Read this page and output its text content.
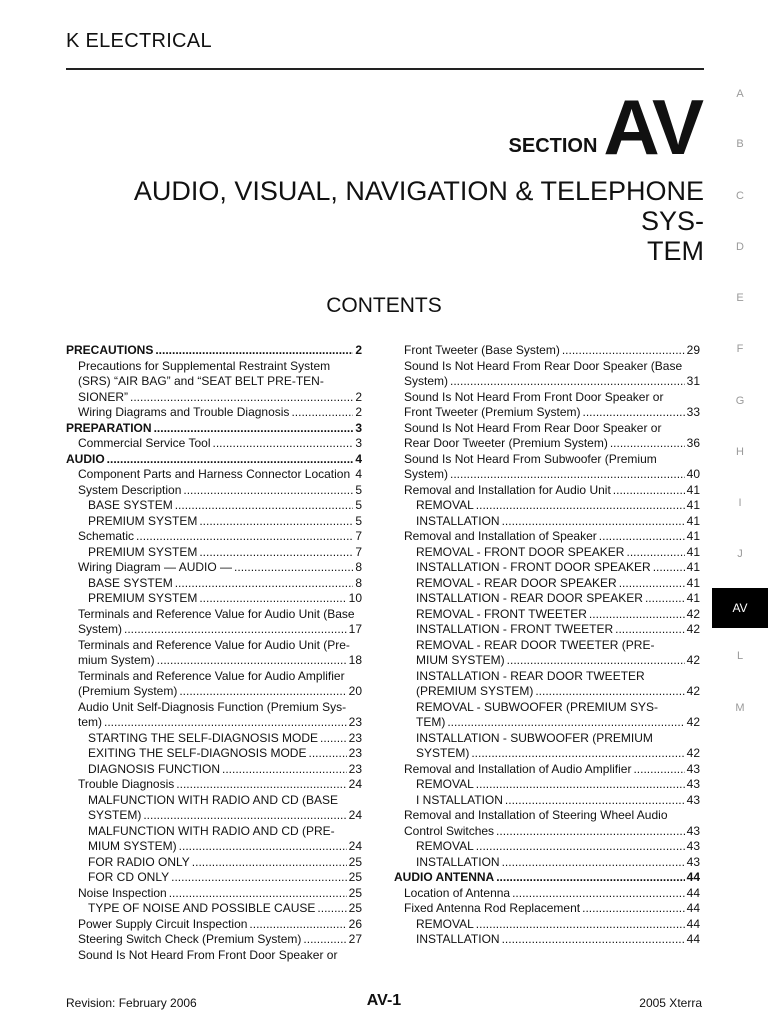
K ELECTRICAL
SECTION AV
AUDIO, VISUAL, NAVIGATION & TELEPHONE SYS-
TEM
CONTENTS
A
B
C
D
E
F
G
H
I
J
AV
L
M
PRECAUTIONS .....	2
Precautions for Supplemental Restraint System
(SRS) “AIR BAG” and “SEAT BELT PRE-TEN-
SIONER” .....	2
Wiring Diagrams and Trouble Diagnosis .....	2
PREPARATION .....	3
Commercial Service Tool .....	3
AUDIO .....	4
Component Parts and Harness Connector Location ..... 4
System Description .....	5
BASE SYSTEM .....	5
PREMIUM SYSTEM .....	5
Schematic .....	7
PREMIUM SYSTEM .....	7
Wiring Diagram — AUDIO — .....	8
BASE SYSTEM .....	8
PREMIUM SYSTEM .....	10
Terminals and Reference Value for Audio Unit (Base
System) .....	17
Terminals and Reference Value for Audio Unit (Pre-
mium System) .....	18
Terminals and Reference Value for Audio Amplifier
(Premium System) .....	20
Audio Unit Self-Diagnosis Function (Premium Sys-
tem) .....	23
STARTING THE SELF-DIAGNOSIS MODE .....	23
EXITING THE SELF-DIAGNOSIS MODE .....	23
DIAGNOSIS FUNCTION .....	23
Trouble Diagnosis .....	24
MALFUNCTION WITH RADIO AND CD (BASE
SYSTEM) .....	24
MALFUNCTION WITH RADIO AND CD (PRE-
MIUM SYSTEM) .....	24
FOR RADIO ONLY .....	25
FOR CD ONLY .....	25
Noise Inspection .....	25
TYPE OF NOISE AND POSSIBLE CAUSE .....	25
Power Supply Circuit Inspection .....	26
Steering Switch Check (Premium System) .....	27
Sound Is Not Heard From Front Door Speaker or
Front Tweeter (Base System) .....	29
Sound Is Not Heard From Rear Door Speaker (Base
System) .....	31
Sound Is Not Heard From Front Door Speaker or
Front Tweeter (Premium System) .....	33
Sound Is Not Heard From Rear Door Speaker or
Rear Door Tweeter (Premium System) .....	36
Sound Is Not Heard From Subwoofer (Premium
System) .....	40
Removal and Installation for Audio Unit .....	41
REMOVAL .....	41
INSTALLATION .....	41
Removal and Installation of Speaker .....	41
REMOVAL - FRONT DOOR SPEAKER .....	41
INSTALLATION - FRONT DOOR SPEAKER .....	41
REMOVAL - REAR DOOR SPEAKER .....	41
INSTALLATION - REAR DOOR SPEAKER .....	41
REMOVAL - FRONT TWEETER .....	42
INSTALLATION - FRONT TWEETER .....	42
REMOVAL - REAR DOOR TWEETER (PRE-
MIUM SYSTEM) .....	42
INSTALLATION - REAR DOOR TWEETER
(PREMIUM SYSTEM) .....	42
REMOVAL - SUBWOOFER (PREMIUM SYS-
TEM) .....	42
INSTALLATION - SUBWOOFER (PREMIUM
SYSTEM) .....	42
Removal and Installation of Audio Amplifier .....	43
REMOVAL .....	43
I NSTALLATION .....	43
Removal and Installation of Steering Wheel Audio
Control Switches .....	43
REMOVAL .....	43
INSTALLATION .....	43
AUDIO ANTENNA .....	44
Location of Antenna .....	44
Fixed Antenna Rod Replacement .....	44
REMOVAL .....	44
INSTALLATION .....	44
Revision: February 2006	AV-1	2005 Xterra
